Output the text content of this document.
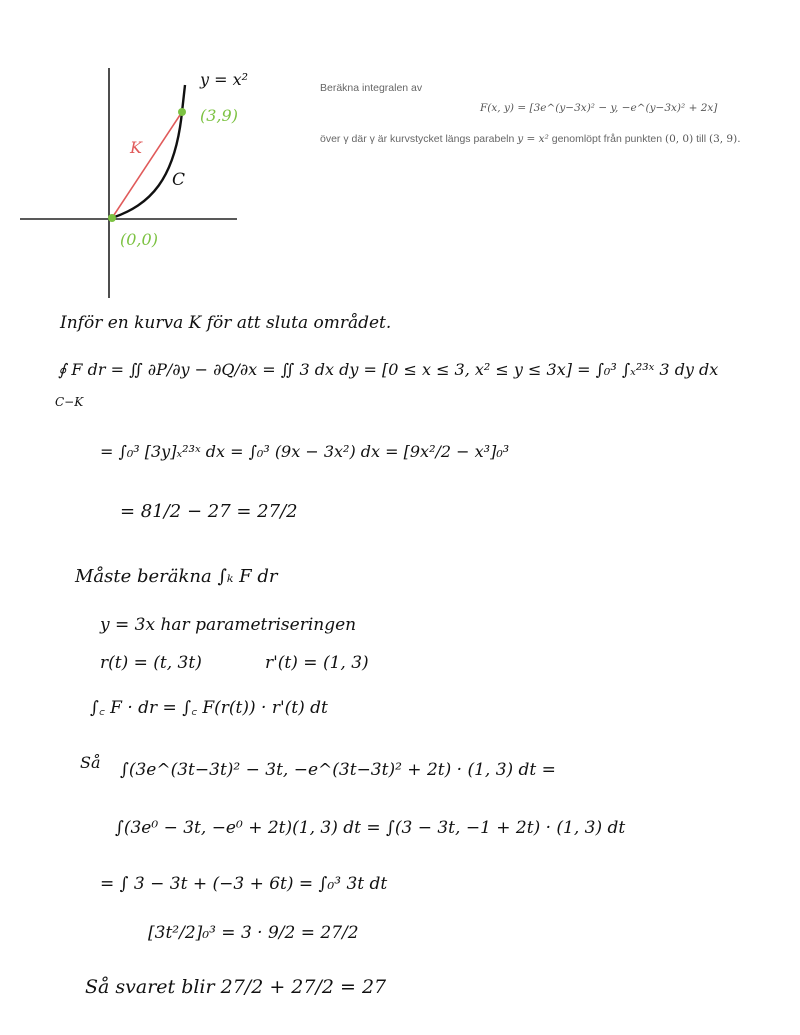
y = x²
(3,9)
(0,0)
K
C
Beräkna integralen av
F(x, y) = [3e^(y−3x)² − y, −e^(y−3x)² + 2x]
över γ där γ är kurvstycket längs parabeln y = x² genomlöpt från punkten (0, 0) till (3, 9).
Inför en kurva K för att sluta området.
∮ F dr = ∬ ∂P/∂y − ∂Q/∂x = ∬ 3 dx dy = [0 ≤ x ≤ 3, x² ≤ y ≤ 3x] = ∫₀³ ∫ₓ²³ˣ 3 dy dx
C−K
= ∫₀³ [3y]ₓ²³ˣ dx = ∫₀³ (9x − 3x²) dx = [9x²/2 − x³]₀³
= 81/2 − 27 = 27/2
Måste beräkna ∫ₖ F dr
y = 3x har parametriseringen
r(t) = (t, 3t)	r'(t) = (1, 3)
∫꜀ F · dr = ∫꜀ F(r(t)) · r'(t) dt
Så ∫(3e^(3t−3t)² − 3t, −e^(3t−3t)² + 2t) · (1, 3) dt =
∫(3e⁰ − 3t, −e⁰ + 2t)(1, 3) dt = ∫(3 − 3t, −1 + 2t) · (1, 3) dt
= ∫ 3 − 3t + (−3 + 6t) = ∫₀³ 3t dt
[3t²/2]₀³ = 3 · 9/2 = 27/2
Så svaret blir 27/2 + 27/2 = 27
